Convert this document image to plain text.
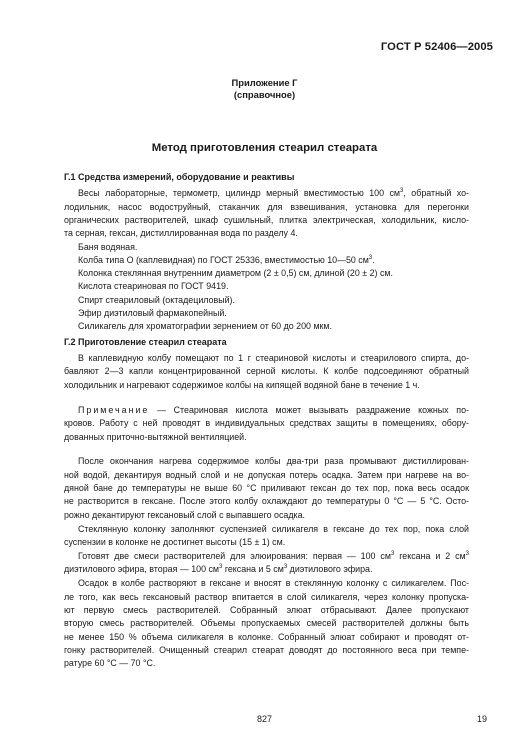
ГОСТ Р 52406—2005
Приложение Г
(справочное)
Метод приготовления стеарил стеарата
Г.1 Средства измерений, оборудование и реактивы
Весы лабораторные, термометр, цилиндр мерный вместимостью 100 $см^3$, обратный хо-
лодильник, насос водоструйный, стаканчик для взвешивания, установка для перегонки
органических растворителей, шкаф сушильный, плитка электрическая, холодильник, кисло-
та серная, гексан, дистиллированная вода по разделу 4.
Баня водяная.
Колба типа О (каплевидная) по ГОСТ 25336, вместимостью 10—50 $см^3$.
Колонка стеклянная внутренним диаметром (2 ± 0,5) см, длиной (20 ± 2) см.
Кислота стеариновая по ГОСТ 9419.
Спирт стеариловый (октадециловый).
Эфир диэтиловый фармакопейный.
Силикагель для хроматографии зернением от 60 до 200 мкм.
Г.2 Приготовление стеарил стеарата
В каплевидную колбу помещают по 1 г стеариновой кислоты и стеарилового спирта, до-
бавляют 2—3 капли концентрированной серной кислоты. К колбе подсоединяют обратный
холодильник и нагревают содержимое колбы на кипящей водяной бане в течение 1 ч.
Примечание — Стеариновая кислота может вызывать раздражение кожных по-
кровов. Работу с ней проводят в индивидуальных средствах защиты в помещениях, обору-
дованных приточно-вытяжной вентиляцией.
После окончания нагрева содержимое колбы два-три раза промывают дистиллирован-
ной водой, декантируя водный слой и не допуская потерь осадка. Затем при нагреве на во-
дяной бане до температуры не выше 60 °С приливают гексан до тех пор, пока весь осадок
не растворится в гексане. После этого колбу охлаждают до температуры 0 °С — 5 °С. Осто-
рожно декантируют гексановый слой с выпавшего осадка.
Стеклянную колонку заполняют суспензией силикагеля в гексане до тех пор, пока слой
суспензии в колонке не достигнет высоты (15 ± 1) см.
Готовят две смеси растворителей для элюирования: первая — 100 $см^3$ гексана и 2 $см^3$
диэтилового эфира, вторая — 100 $см^3$ гексана и 5 $см^3$ диэтилового эфира.
Осадок в колбе растворяют в гексане и вносят в стеклянную колонку с силикагелем. Пос-
ле того, как весь гексановый раствор впитается в слой силикагеля, через колонку пропуска-
ют первую смесь растворителей. Собранный элюат отбрасывают. Далее пропускают
вторую смесь растворителей. Объемы пропускаемых смесей растворителей должны быть
не менее 150 % объема силикагеля в колонке. Собранный элюат собирают и проводят от-
гонку растворителей. Очищенный стеарил стеарат доводят до постоянного веса при темпе-
ратуре 60 °С — 70 °С.
827	19
